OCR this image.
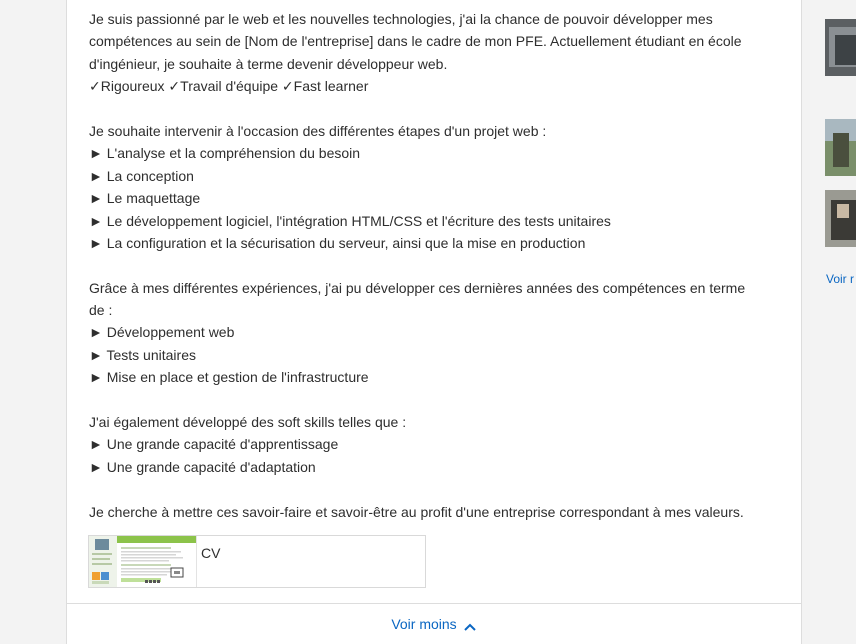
Je suis passionné par le web et les nouvelles technologies, j'ai la chance de pouvoir développer mes
compétences au sein de [Nom de l'entreprise] dans le cadre de mon PFE. Actuellement étudiant en école
d'ingénieur, je souhaite à terme devenir développeur web.
✓Rigoureux ✓Travail d'équipe ✓Fast learner
Je souhaite intervenir à l'occasion des différentes étapes d'un projet web :
► L'analyse et la compréhension du besoin
► La conception
► Le maquettage
► Le développement logiciel, l'intégration HTML/CSS et l'écriture des tests unitaires
► La configuration et la sécurisation du serveur, ainsi que la mise en production
Grâce à mes différentes expériences, j'ai pu développer ces dernières années des compétences en terme
de :
► Développement web
► Tests unitaires
► Mise en place et gestion de l'infrastructure
J'ai également développé des soft skills telles que :
► Une grande capacité d'apprentissage
► Une grande capacité d'adaptation
Je cherche à mettre ces savoir-faire et savoir-être au profit d'une entreprise correspondant à mes valeurs.
CV
Voir moins
Voir r
